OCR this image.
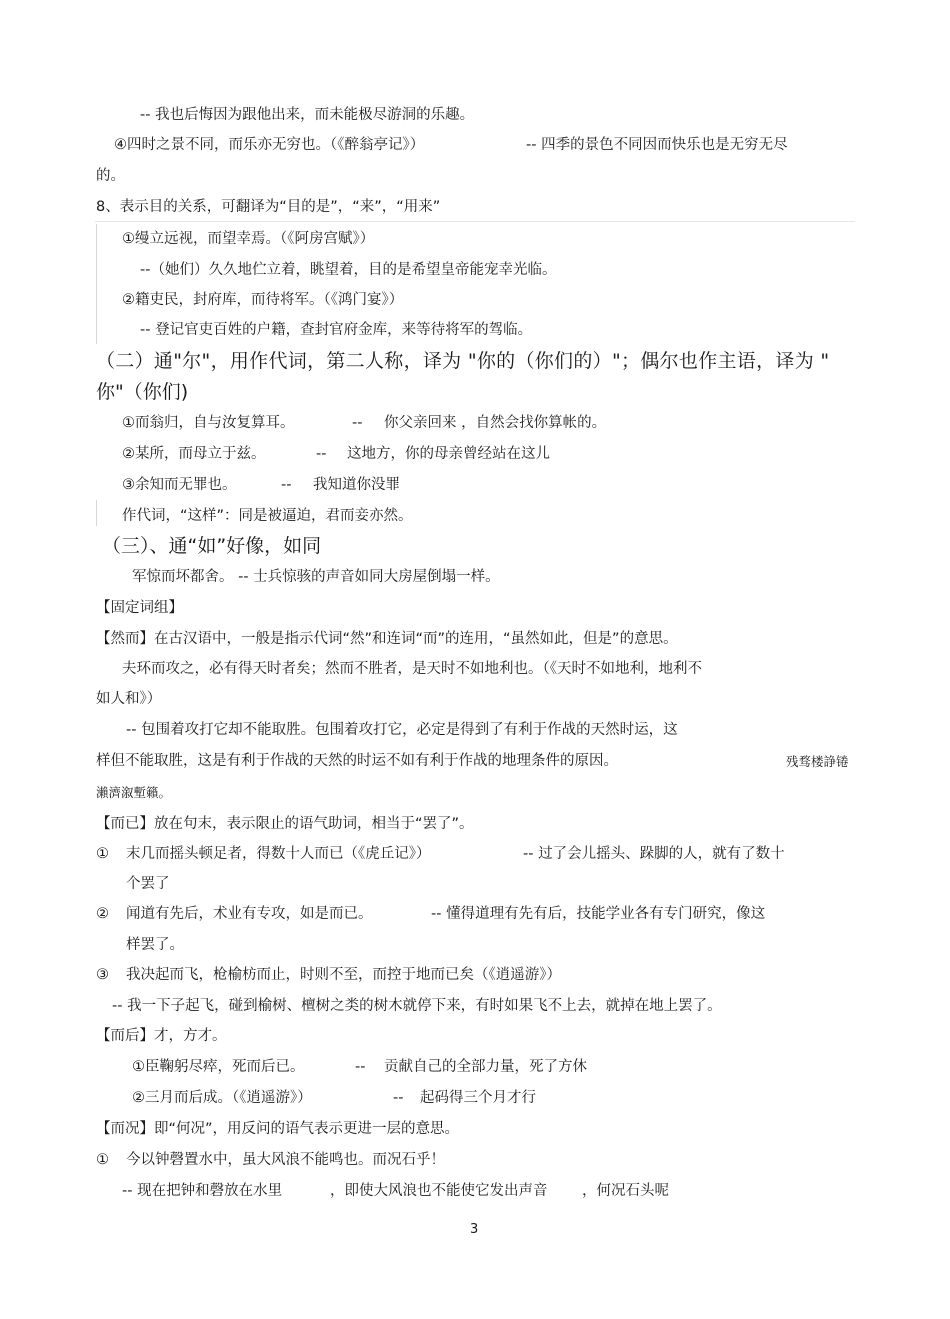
-- 我也后悔因为跟他出来，而未能极尽游洞的乐趣。
④四时之景不同，而乐亦无穷也。（《醉翁亭记》）	-- 四季的景色不同因而快乐也是无穷无尽
的。
8、表示目的关系，可翻译为“目的是”，“来”，“用来”
①缦立远视，而望幸焉。（《阿房宫赋》）
--（她们）久久地伫立着，眺望着，目的是希望皇帝能宠幸光临。
②籍吏民，封府库，而待将军。（《鸿门宴》）
-- 登记官吏百姓的户籍，查封官府金库，来等待将军的驾临。
（二）通"尔"，用作代词，第二人称，译为 "你的（你们的）"；偶尔也作主语，译为 "
你"（你们)
①而翁归，自与汝复算耳。	-- 你父亲回来 ，自然会找你算帐的。
②某所，而母立于兹。	-- 这地方，你的母亲曾经站在这儿
③余知而无罪也。	-- 我知道你没罪
作代词，“这样”：同是被逼迫，君而妾亦然。
（三）、通“如”好像，如同
军惊而坏都舍。 -- 士兵惊骇的声音如同大房屋倒塌一样。
【固定词组】
【然而】在古汉语中，一般是指示代词“然”和连词“而”的连用，“虽然如此，但是”的意思。
夫环而攻之，必有得天时者矣；然而不胜者，是天时不如地利也。（《天时不如地利，地利不
如人和》）
-- 包围着攻打它却不能取胜。包围着攻打它，必定是得到了有利于作战的天然时运，这
样但不能取胜，这是有利于作战的天然的时运不如有利于作战的地理条件的原因。	残骛楼諍锩
瀨濟溆塹籟。
【而已】放在句末，表示限止的语气助词，相当于“罢了”。
① 末几而摇头顿足者，得数十人而已（《虎丘记》）	-- 过了会儿摇头、跺脚的人，就有了数十
个罢了
② 闻道有先后，术业有专攻，如是而已。	-- 懂得道理有先有后，技能学业各有专门研究，像这
样罢了。
③ 我决起而飞，枪榆枋而止，时则不至，而控于地而已矣（《逍遥游》）
-- 我一下子起飞，碰到榆树、檀树之类的树木就停下来，有时如果飞不上去，就掉在地上罢了。
【而后】才，方才。
①臣鞠躬尽瘁，死而后已。	-- 贡献自己的全部力量，死了方休
②三月而后成。（《逍遥游》）	-- 起码得三个月才行
【而况】即“何况”，用反问的语气表示更进一层的意思。
① 今以钟磬置水中，虽大风浪不能鸣也。而况石乎！
-- 现在把钟和磬放在水里	，即使大风浪也不能使它发出声音 ，何况石头呢
3
